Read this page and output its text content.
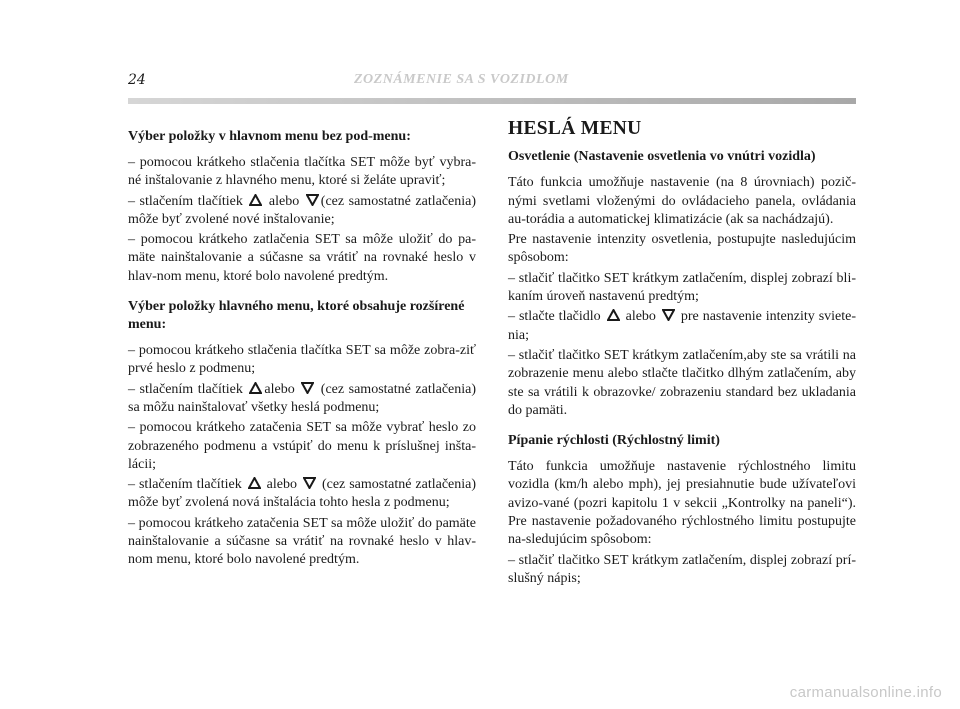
24	ZOZNÁMENIE SA S VOZIDLOM
Výber položky v hlavnom menu bez pod-menu:

– pomocou krátkeho stlačenia tlačítka SET môže byť vybra-né inštalovanie z hlavného menu, ktoré si želáte upraviť;

– stlačením tlačítiek alebo (cez samostatné zatlačenia) môže byť zvolené nové inštalovanie;

– pomocou krátkeho zatlačenia SET sa môže uložiť do pa-mäte nainštalovanie a súčasne sa vrátiť na rovnaké heslo v hlav-nom menu, ktoré bolo navolené predtým.

Výber položky hlavného menu, ktoré obsahuje rozšírené menu:

– pomocou krátkeho stlačenia tlačítka SET sa môže zobra-ziť prvé heslo z podmenu;

– stlačením tlačítiek alebo (cez samostatné zatlačenia) sa môžu nainštalovať všetky heslá podmenu;

– pomocou krátkeho zatačenia SET sa môže vybrať heslo zo zobrazeného podmenu a vstúpiť do menu k príslušnej inšta-lácii;

– stlačením tlačítiek alebo (cez samostatné zatlačenia) môže byť zvolená nová inštalácia tohto hesla z podmenu;

– pomocou krátkeho zatačenia SET sa môže uložiť do pamäte nainštalovanie a súčasne sa vrátiť na rovnaké heslo v hlav-nom menu, ktoré bolo navolené predtým.

HESLÁ MENU
Osvetlenie (Nastavenie osvetlenia vo vnútri vozidla)

Táto funkcia umožňuje nastavenie (na 8 úrovniach) pozič-nými svetlami vloženými do ovládacieho panela, ovládania au-torádia a automatickej klimatizácie (ak sa nachádzajú).

Pre nastavenie intenzity osvetlenia, postupujte nasledujúcim spôsobom:

– stlačiť tlačitko SET krátkym zatlačením, displej zobrazí bli-kaním úroveň nastavenú predtým;

– stlačte tlačidlo alebo pre nastavenie intenzity sviete-nia;

– stlačiť tlačitko SET krátkym zatlačením,aby ste sa vrátili na zobrazenie menu alebo stlačte tlačitko dlhým zatlačením, aby ste sa vrátili k obrazovke/ zobrazeniu standard bez ukladania do pamäti.

Pípanie rýchlosti (Rýchlostný limit)

Táto funkcia umožňuje nastavenie rýchlostného limitu vozidla (km/h alebo mph), jej presiahnutie bude užívateľovi avizo-vané (pozri kapitolu 1 v sekcii „Kontrolky na paneli“). Pre nastavenie požadovaného rýchlostného limitu postupujte na-sledujúcim spôsobom:

– stlačiť tlačitko SET krátkym zatlačením, displej zobrazí prí-slušný nápis;

carmanualsonline.info
